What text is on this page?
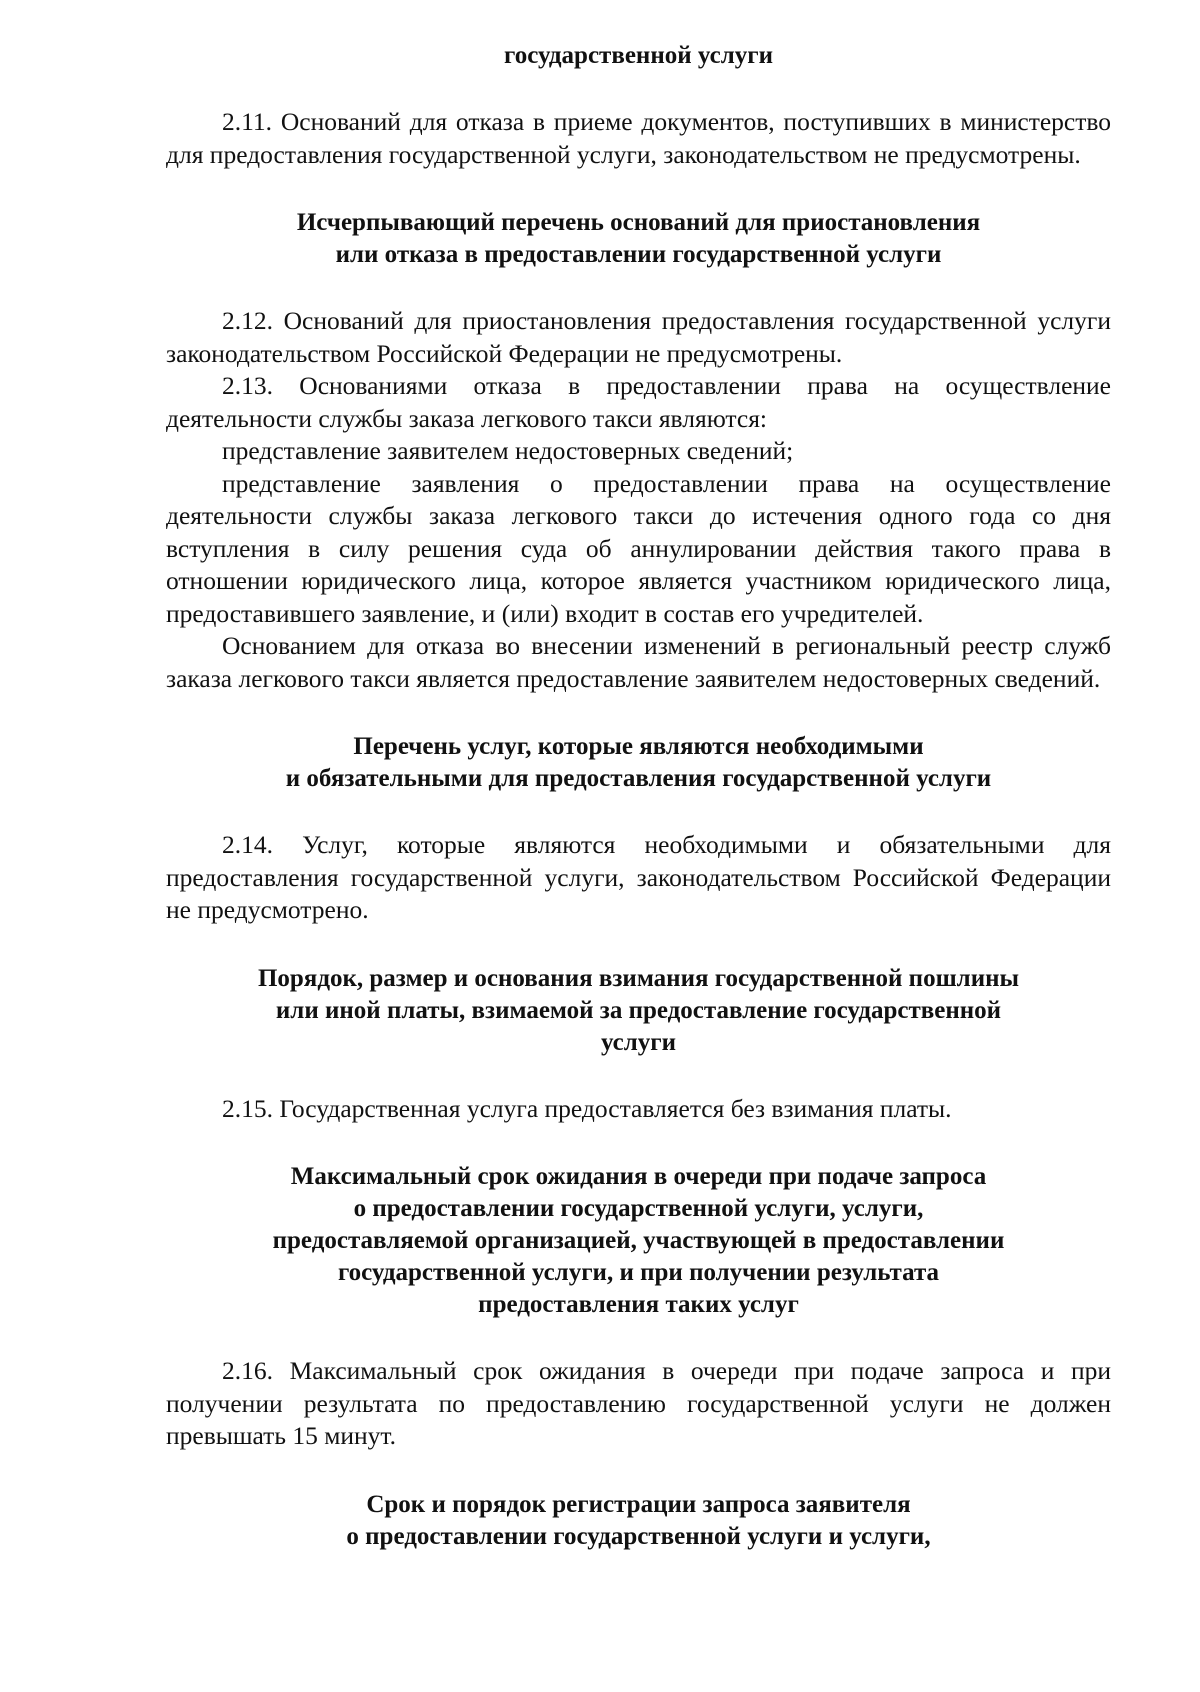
государственной услуги

2.11. Оснований для отказа в приеме документов, поступивших в министерство для предоставления государственной услуги, законодательством не предусмотрены.

Исчерпывающий перечень оснований для приостановления
или отказа в предоставлении государственной услуги

2.12. Оснований для приостановления предоставления государственной услуги законодательством Российской Федерации не предусмотрены.

2.13. Основаниями отказа в предоставлении права на осуществление деятельности службы заказа легкового такси являются:

представление заявителем недостоверных сведений;

представление заявления о предоставлении права на осуществление деятельности службы заказа легкового такси до истечения одного года со дня вступления в силу решения суда об аннулировании действия такого права в отношении юридического лица, которое является участником юридического лица, предоставившего заявление, и (или) входит в состав его учредителей.

Основанием для отказа во внесении изменений в региональный реестр служб заказа легкового такси является предоставление заявителем недостоверных сведений.

Перечень услуг, которые являются необходимыми
и обязательными для предоставления государственной услуги

2.14. Услуг, которые являются необходимыми и обязательными для предоставления государственной услуги, законодательством Российской Федерации не предусмотрено.

Порядок, размер и основания взимания государственной пошлины
или иной платы, взимаемой за предоставление государственной
услуги

2.15. Государственная услуга предоставляется без взимания платы.

Максимальный срок ожидания в очереди при подаче запроса
о предоставлении государственной услуги, услуги,
предоставляемой организацией, участвующей в предоставлении
государственной услуги, и при получении результата
предоставления таких услуг

2.16. Максимальный срок ожидания в очереди при подаче запроса и при получении результата по предоставлению государственной услуги не должен превышать 15 минут.

Срок и порядок регистрации запроса заявителя
о предоставлении государственной услуги и услуги,
